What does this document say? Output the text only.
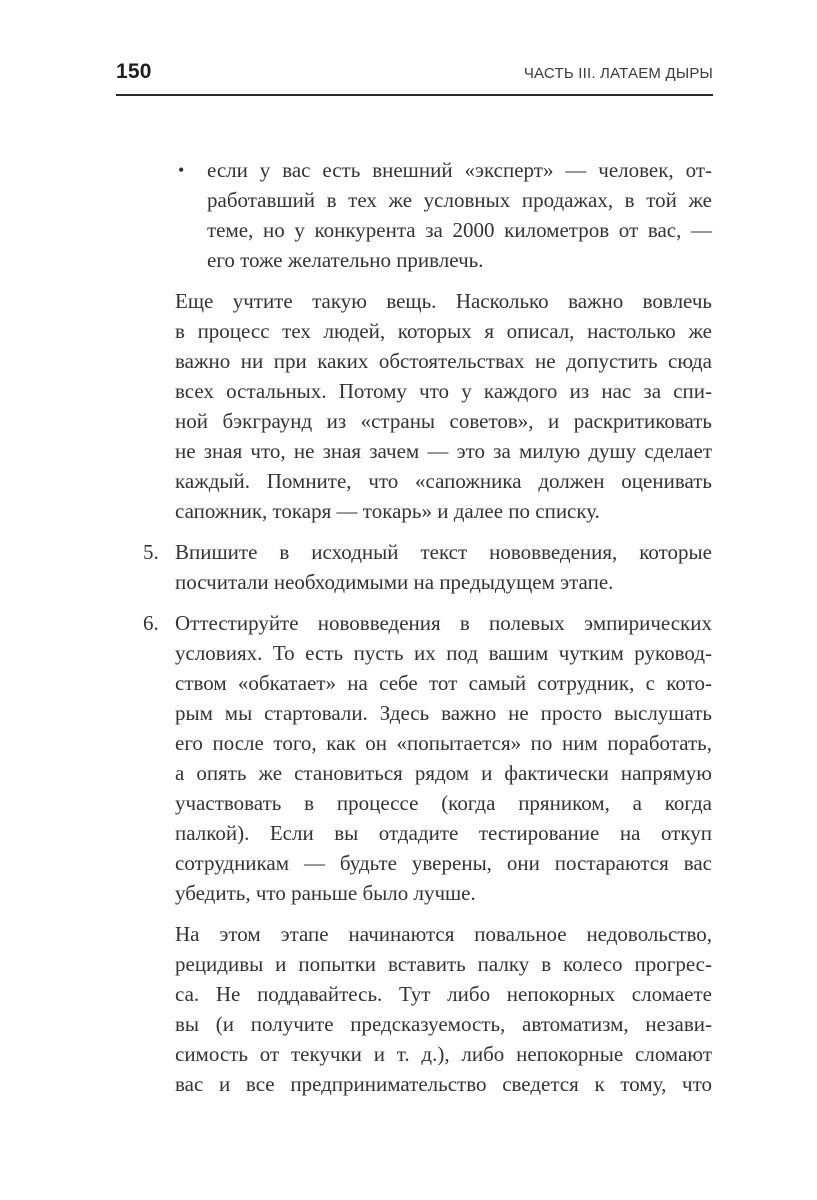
150	ЧАСТЬ III. ЛАТАЕМ ДЫРЫ
• если у вас есть внешний «эксперт» — человек, от-
работавший в тех же условных продажах, в той же
теме, но у конкурента за 2000 километров от вас, —
его тоже желательно привлечь.
Еще учтите такую вещь. Насколько важно вовлечь
в процесс тех людей, которых я описал, настолько же
важно ни при каких обстоятельствах не допустить сюда
всех остальных. Потому что у каждого из нас за спи-
ной бэкграунд из «страны советов», и раскритиковать
не зная что, не зная зачем — это за милую душу сделает
каждый. Помните, что «сапожника должен оценивать
сапожник, токаря — токарь» и далее по списку.
5. Впишите в исходный текст нововведения, которые
посчитали необходимыми на предыдущем этапе.
6. Оттестируйте нововведения в полевых эмпирических
условиях. То есть пусть их под вашим чутким руковод-
ством «обкатает» на себе тот самый сотрудник, с кото-
рым мы стартовали. Здесь важно не просто выслушать
его после того, как он «попытается» по ним поработать,
а опять же становиться рядом и фактически напрямую
участвовать в процессе (когда пряником, а когда
палкой). Если вы отдадите тестирование на откуп
сотрудникам — будьте уверены, они постараются вас
убедить, что раньше было лучше.
На этом этапе начинаются повальное недовольство,
рецидивы и попытки вставить палку в колесо прогрес-
са. Не поддавайтесь. Тут либо непокорных сломаете
вы (и получите предсказуемость, автоматизм, незави-
симость от текучки и т. д.), либо непокорные сломают
вас и все предпринимательство сведется к тому, что
